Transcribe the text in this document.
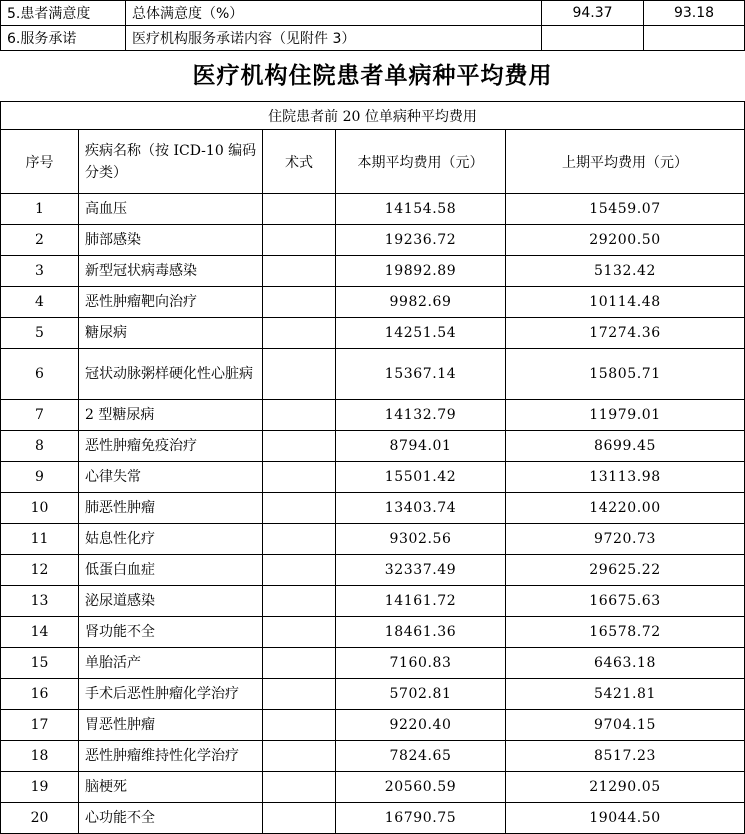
5.患者满意度	总体满意度（%）	94.37	93.18
6.服务承诺	医疗机构服务承诺内容（见附件 3）		
医疗机构住院患者单病种平均费用
住院患者前 20 位单病种平均费用				
序号	疾病名称（按 ICD-10 编码分类）	术式	本期平均费用（元）	上期平均费用（元）
1	高血压		14154.58	15459.07
2	肺部感染		19236.72	29200.50
3	新型冠状病毒感染		19892.89	5132.42
4	恶性肿瘤靶向治疗		9982.69	10114.48
5	糖尿病		14251.54	17274.36
6	冠状动脉粥样硬化性心脏病		15367.14	15805.71
7	2 型糖尿病		14132.79	11979.01
8	恶性肿瘤免疫治疗		8794.01	8699.45
9	心律失常		15501.42	13113.98
10	肺恶性肿瘤		13403.74	14220.00
11	姑息性化疗		9302.56	9720.73
12	低蛋白血症		32337.49	29625.22
13	泌尿道感染		14161.72	16675.63
14	肾功能不全		18461.36	16578.72
15	单胎活产		7160.83	6463.18
16	手术后恶性肿瘤化学治疗		5702.81	5421.81
17	胃恶性肿瘤		9220.40	9704.15
18	恶性肿瘤维持性化学治疗		7824.65	8517.23
19	脑梗死		20560.59	21290.05
20	心功能不全		16790.75	19044.50
